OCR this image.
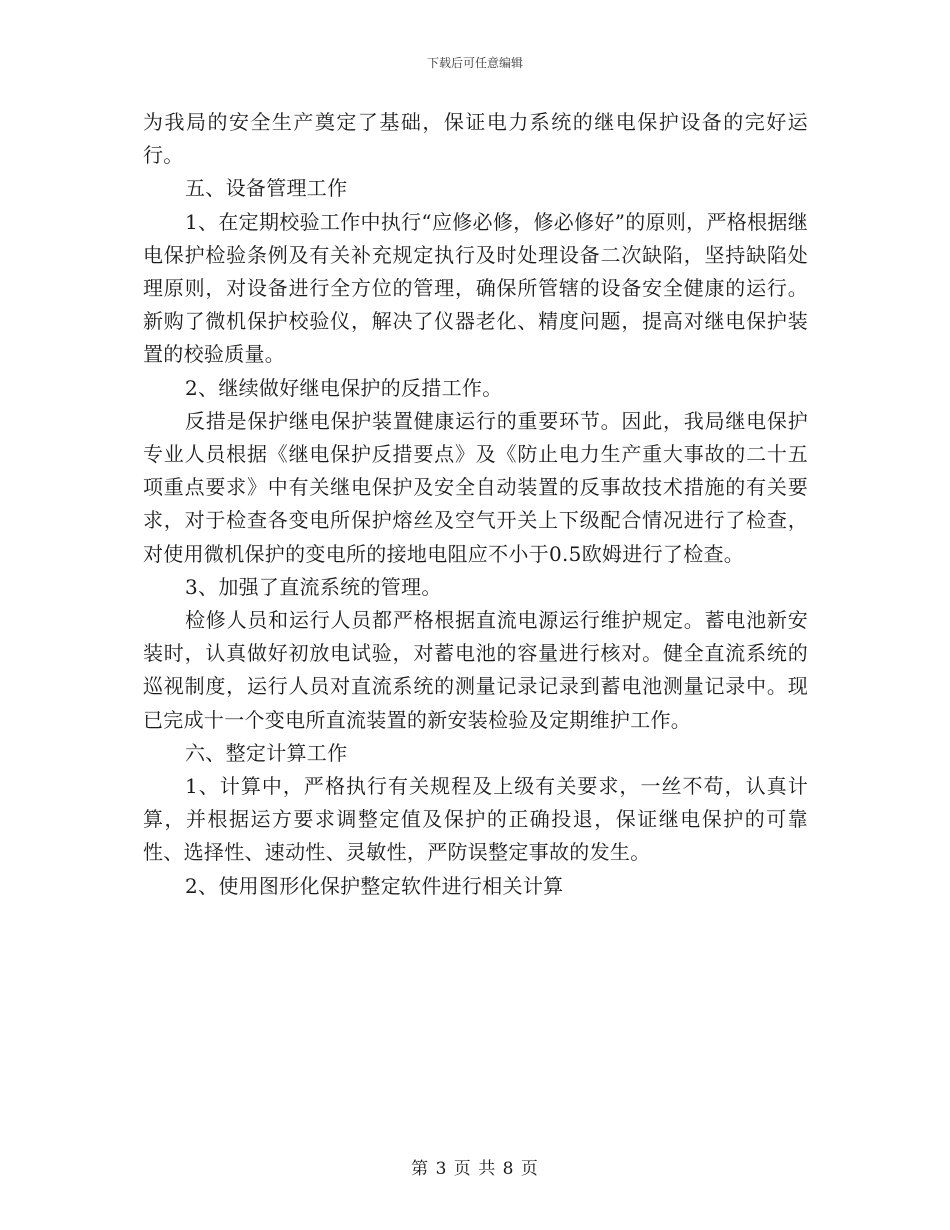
下载后可任意编辑

为我局的安全生产奠定了基础，保证电力系统的继电保护设备的完好运行。

五、设备管理工作

1、在定期校验工作中执行“应修必修，修必修好”的原则，严格根据继电保护检验条例及有关补充规定执行及时处理设备二次缺陷，坚持缺陷处理原则，对设备进行全方位的管理，确保所管辖的设备安全健康的运行。新购了微机保护校验仪，解决了仪器老化、精度问题，提高对继电保护装置的校验质量。

2、继续做好继电保护的反措工作。

反措是保护继电保护装置健康运行的重要环节。因此，我局继电保护专业人员根据《继电保护反措要点》及《防止电力生产重大事故的二十五项重点要求》中有关继电保护及安全自动装置的反事故技术措施的有关要求，对于检查各变电所保护熔丝及空气开关上下级配合情况进行了检查，对使用微机保护的变电所的接地电阻应不小于0.5欧姆进行了检查。

3、加强了直流系统的管理。

检修人员和运行人员都严格根据直流电源运行维护规定。蓄电池新安装时，认真做好初放电试验，对蓄电池的容量进行核对。健全直流系统的巡视制度，运行人员对直流系统的测量记录记录到蓄电池测量记录中。现已完成十一个变电所直流装置的新安装检验及定期维护工作。

六、整定计算工作

1、计算中，严格执行有关规程及上级有关要求，一丝不苟，认真计算，并根据运方要求调整定值及保护的正确投退，保证继电保护的可靠性、选择性、速动性、灵敏性，严防误整定事故的发生。

2、使用图形化保护整定软件进行相关计算

第 3 页 共 8 页
